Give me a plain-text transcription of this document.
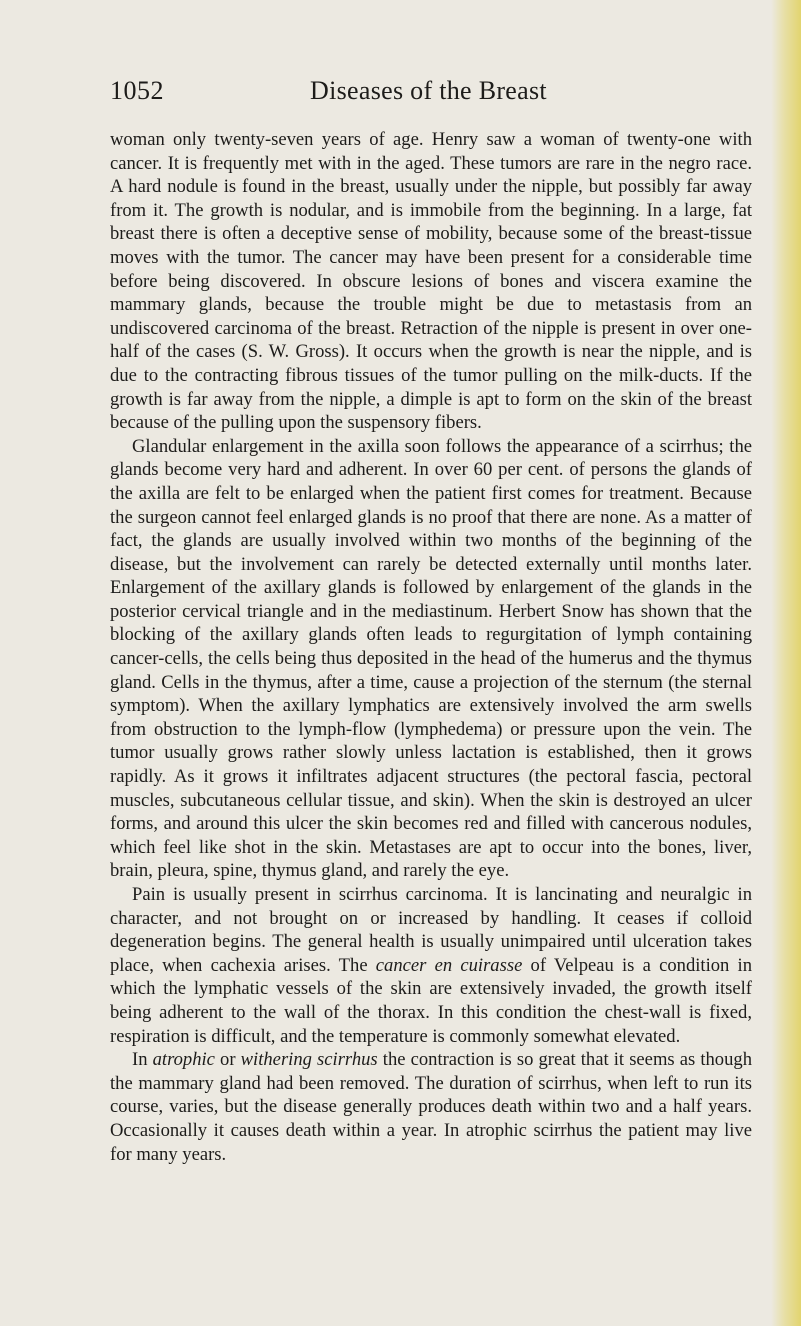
1052	Diseases of the Breast

woman only twenty-seven years of age. Henry saw a woman of twenty-one with cancer. It is frequently met with in the aged. These tumors are rare in the negro race. A hard nodule is found in the breast, usually under the nipple, but possibly far away from it. The growth is nodular, and is immobile from the beginning. In a large, fat breast there is often a deceptive sense of mobility, because some of the breast-tissue moves with the tumor. The cancer may have been present for a considerable time before being discovered. In obscure lesions of bones and viscera examine the mammary glands, because the trouble might be due to metastasis from an undiscovered carcinoma of the breast. Retraction of the nipple is present in over one-half of the cases (S. W. Gross). It occurs when the growth is near the nipple, and is due to the contracting fibrous tissues of the tumor pulling on the milk-ducts. If the growth is far away from the nipple, a dimple is apt to form on the skin of the breast because of the pulling upon the suspensory fibers.

Glandular enlargement in the axilla soon follows the appearance of a scirrhus; the glands become very hard and adherent. In over 60 per cent. of persons the glands of the axilla are felt to be enlarged when the patient first comes for treatment. Because the surgeon cannot feel enlarged glands is no proof that there are none. As a matter of fact, the glands are usually involved within two months of the beginning of the disease, but the involvement can rarely be detected externally until months later. Enlargement of the axillary glands is followed by enlargement of the glands in the posterior cervical triangle and in the mediastinum. Herbert Snow has shown that the blocking of the axillary glands often leads to regurgitation of lymph containing cancer-cells, the cells being thus deposited in the head of the humerus and the thymus gland. Cells in the thymus, after a time, cause a projection of the sternum (the sternal symptom). When the axillary lymphatics are extensively involved the arm swells from obstruction to the lymph-flow (lymphedema) or pressure upon the vein. The tumor usually grows rather slowly unless lactation is established, then it grows rapidly. As it grows it infiltrates adjacent structures (the pectoral fascia, pectoral muscles, subcutaneous cellular tissue, and skin). When the skin is destroyed an ulcer forms, and around this ulcer the skin becomes red and filled with cancerous nodules, which feel like shot in the skin. Metastases are apt to occur into the bones, liver, brain, pleura, spine, thymus gland, and rarely the eye.

Pain is usually present in scirrhus carcinoma. It is lancinating and neuralgic in character, and not brought on or increased by handling. It ceases if colloid degeneration begins. The general health is usually unimpaired until ulceration takes place, when cachexia arises. The cancer en cuirasse of Velpeau is a condition in which the lymphatic vessels of the skin are extensively invaded, the growth itself being adherent to the wall of the thorax. In this condition the chest-wall is fixed, respiration is difficult, and the temperature is commonly somewhat elevated.

In atrophic or withering scirrhus the contraction is so great that it seems as though the mammary gland had been removed. The duration of scirrhus, when left to run its course, varies, but the disease generally produces death within two and a half years. Occasionally it causes death within a year. In atrophic scirrhus the patient may live for many years.
